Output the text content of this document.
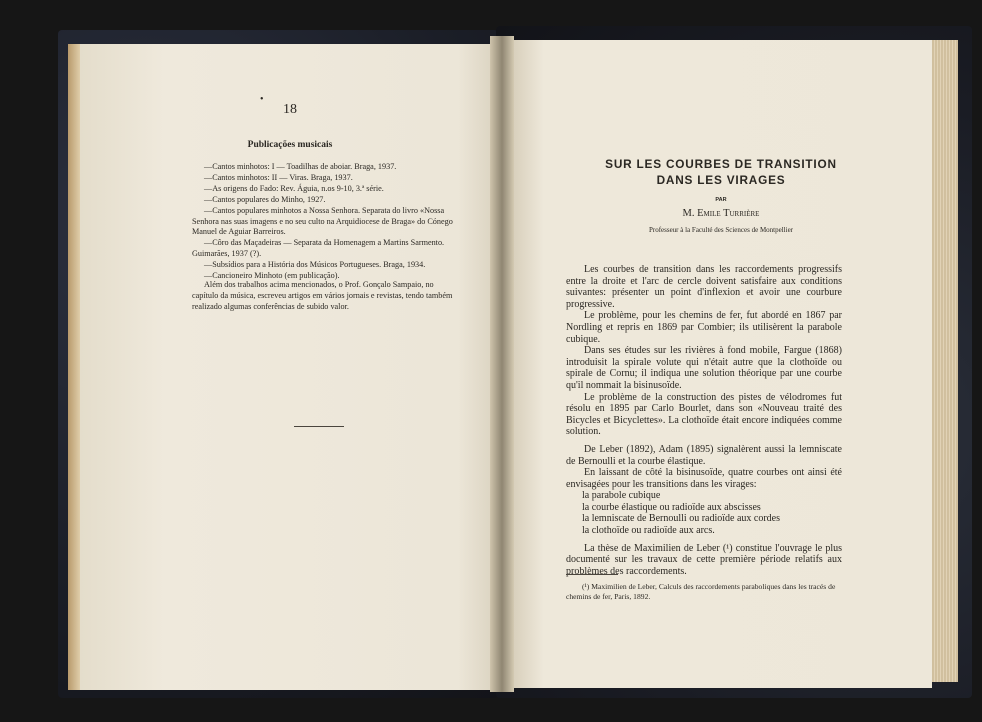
•
18
Publicações musicais
—Cantos minhotos: I — Toadilhas de aboiar. Braga, 1937.
—Cantos minhotos: II — Viras. Braga, 1937.
—As origens do Fado: Rev. Águia, n.os 9-10, 3.ª série.
—Cantos populares do Minho, 1927.
—Cantos populares minhotos a Nossa Senhora. Separata do livro «Nossa Senhora nas suas imagens e no seu culto na Arquidiocese de Braga» do Cónego Manuel de Aguiar Barreiros.
—Côro das Maçadeiras — Separata da Homenagem a Martins Sarmento. Guimarães, 1937 (?).
—Subsídios para a História dos Músicos Portugueses. Braga, 1934.
—Cancioneiro Minhoto (em publicação).
Além dos trabalhos acima mencionados, o Prof. Gonçalo Sampaio, no capítulo da música, escreveu artigos em vários jornais e revistas, tendo também realizado algumas conferências de subido valor.
SUR LES COURBES DE TRANSITION
DANS LES VIRAGES
PAR
M. Emile Turrière
Professeur à la Faculté des Sciences de Montpellier

Les courbes de transition dans les raccordements progressifs entre la droite et l'arc de cercle doivent satisfaire aux conditions suivantes: présenter un point d'inflexion et avoir une courbure progressive.

Le problème, pour les chemins de fer, fut abordé en 1867 par Nordling et repris en 1869 par Combier; ils utilisèrent la parabole cubique.

Dans ses études sur les rivières à fond mobile, Fargue (1868) introduisit la spirale volute qui n'était autre que la clothoïde ou spirale de Cornu; il indiqua une solution théorique par une courbe qu'il nommait la bisinusoïde.

Le problème de la construction des pistes de vélodromes fut résolu en 1895 par Carlo Bourlet, dans son «Nouveau traité des Bicycles et Bicyclettes». La clothoïde était encore indiquées comme solution.

De Leber (1892), Adam (1895) signalèrent aussi la lemniscate de Bernoulli et la courbe élastique.

En laissant de côté la bisinusoïde, quatre courbes ont ainsi été envisagées pour les transitions dans les virages:

la parabole cubique
la courbe élastique ou radioïde aux abscisses
la lemniscate de Bernoulli ou radioïde aux cordes
la clothoïde ou radioïde aux arcs.

La thèse de Maximilien de Leber (¹) constitue l'ouvrage le plus documenté sur les travaux de cette première période relatifs aux problèmes des raccordements.

(¹) Maximilien de Leber, Calculs des raccordements paraboliques dans les tracés de chemins de fer, Paris, 1892.
